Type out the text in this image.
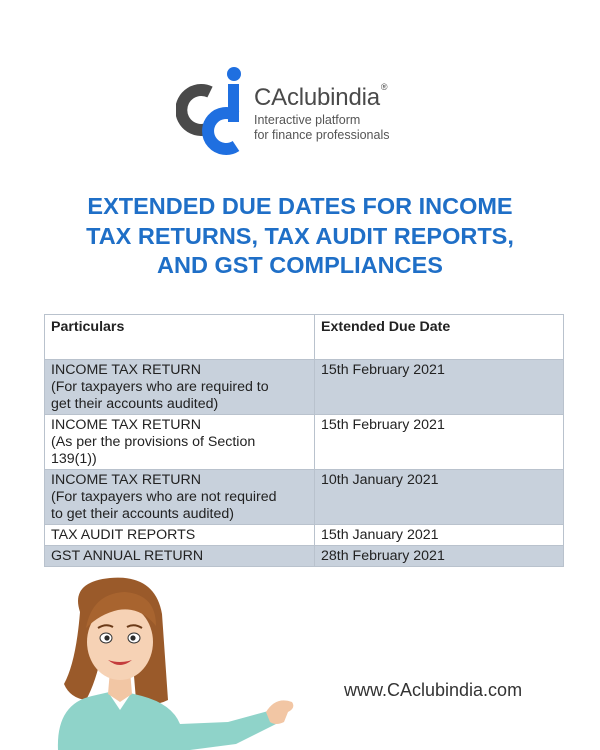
CAclubindia®
Interactive platform
for finance professionals
EXTENDED DUE DATES FOR INCOME
TAX RETURNS, TAX AUDIT REPORTS,
AND GST COMPLIANCES
Particulars	Extended Due Date

INCOME TAX RETURN
(For taxpayers who are required to
get their accounts audited)	15th February 2021

INCOME TAX RETURN
(As per the provisions of Section
139(1))	15th February 2021

INCOME TAX RETURN
(For taxpayers who are not required
to get their accounts audited)	10th January 2021

TAX AUDIT REPORTS	15th January 2021

GST ANNUAL RETURN	28th February 2021
www.CAclubindia.com
